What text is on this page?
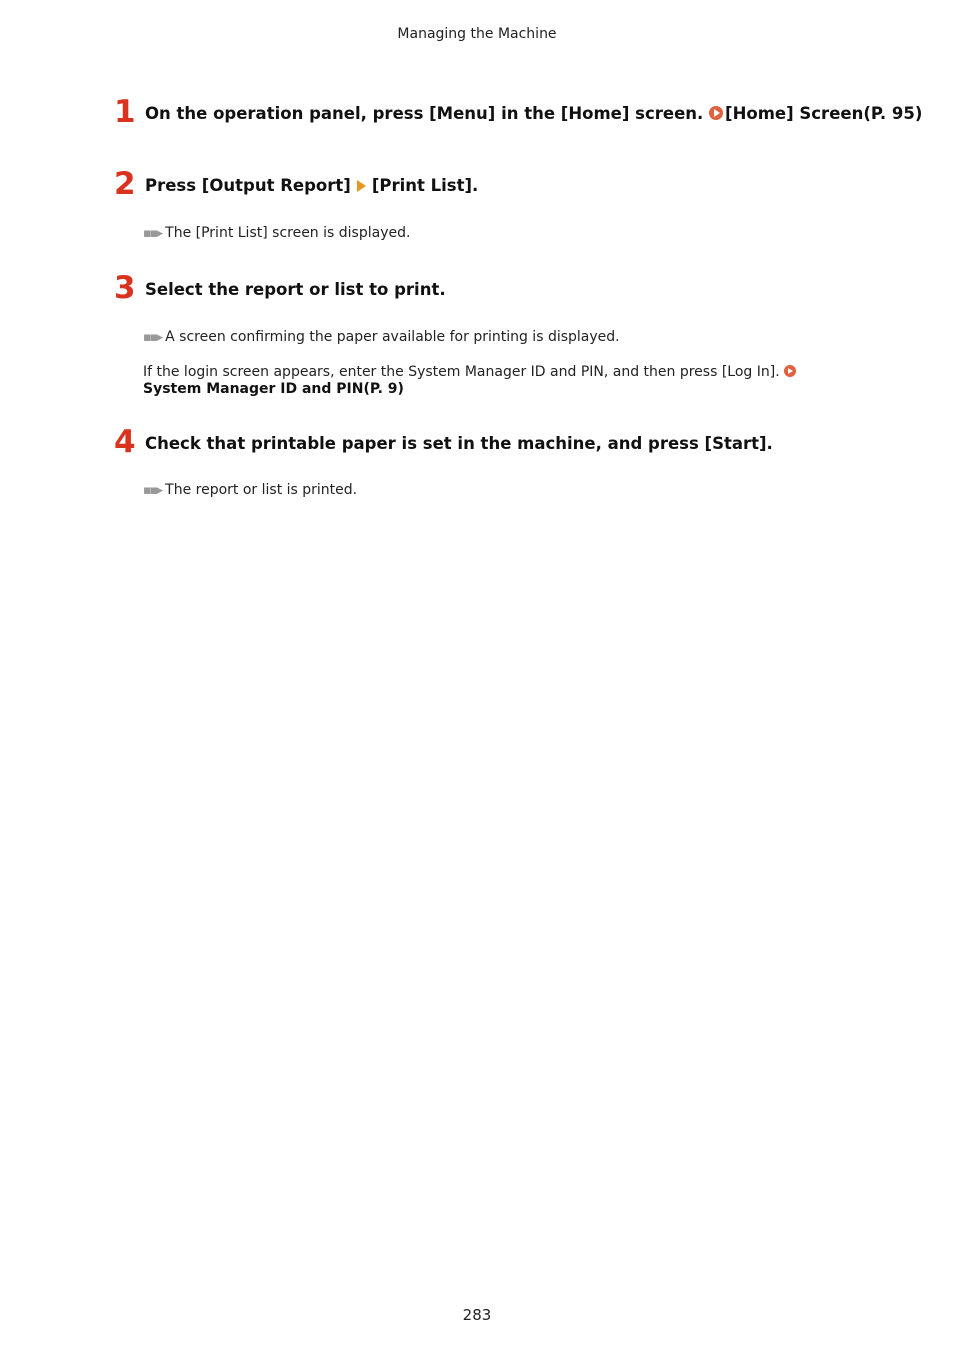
Managing the Machine
1 On the operation panel, press [Menu] in the [Home] screen. [Home] Screen(P. 95)
2 Press [Output Report] [Print List].
▪▪▸ The [Print List] screen is displayed.
3 Select the report or list to print.
▪▪▸ A screen confirming the paper available for printing is displayed.
If the login screen appears, enter the System Manager ID and PIN, and then press [Log In]. System Manager ID and PIN(P. 9)
4 Check that printable paper is set in the machine, and press [Start].
▪▪▸ The report or list is printed.
283
